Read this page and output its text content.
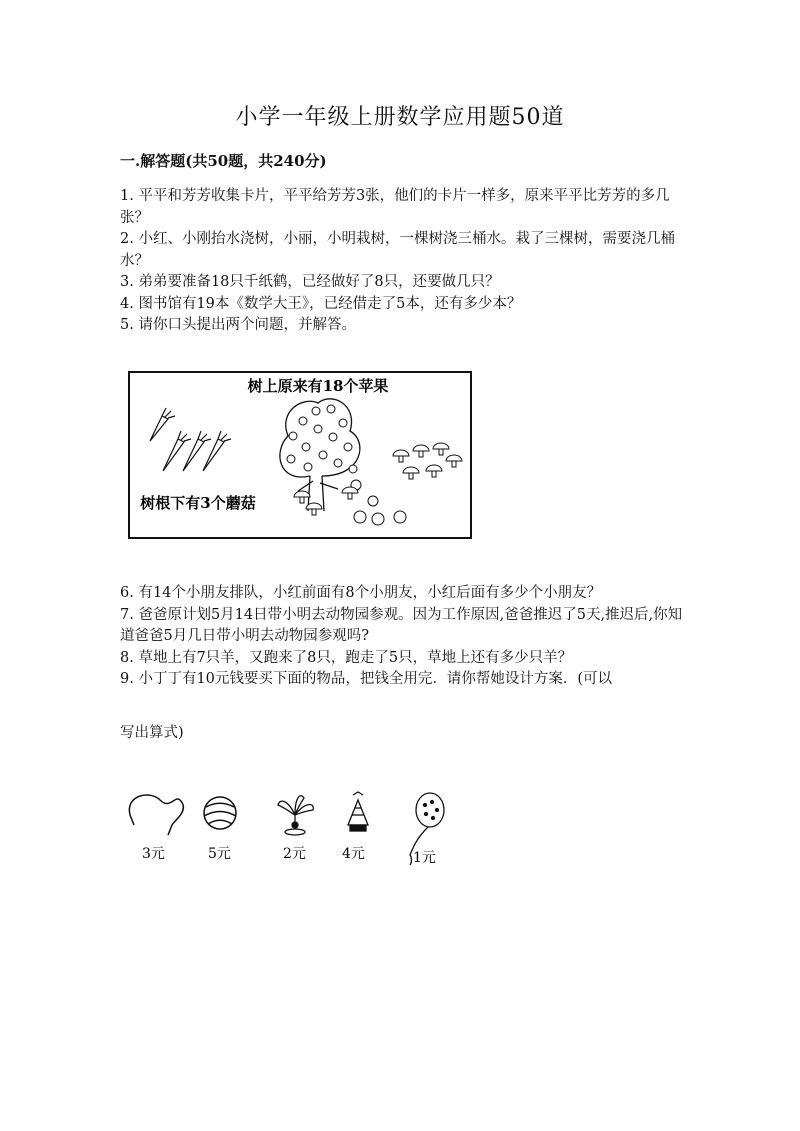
小学一年级上册数学应用题50道
一.解答题(共50题，共240分)

1. 平平和芳芳收集卡片，平平给芳芳3张，他们的卡片一样多，原来平平比芳芳的多几张？

2. 小红、小刚抬水浇树，小丽，小明栽树，一棵树浇三桶水。栽了三棵树，需要浇几桶水？

3. 弟弟要准备18只千纸鹤，已经做好了8只，还要做几只？

4. 图书馆有19本《数学大王》，已经借走了5本，还有多少本？

5. 请你口头提出两个问题，并解答。

树上原来有18个苹果
树根下有3个蘑菇

6. 有14个小朋友排队，小红前面有8个小朋友，小红后面有多少个小朋友？

7. 爸爸原计划5月14日带小明去动物园参观。因为工作原因,爸爸推迟了5天,推迟后,你知道爸爸5月几日带小明去动物园参观吗?

8. 草地上有7只羊，又跑来了8只，跑走了5只，草地上还有多少只羊？

9. 小丁丁有10元钱要买下面的物品，把钱全用完．请你帮她设计方案．(可以

写出算式)

3元	5元	2元	4元	1元
